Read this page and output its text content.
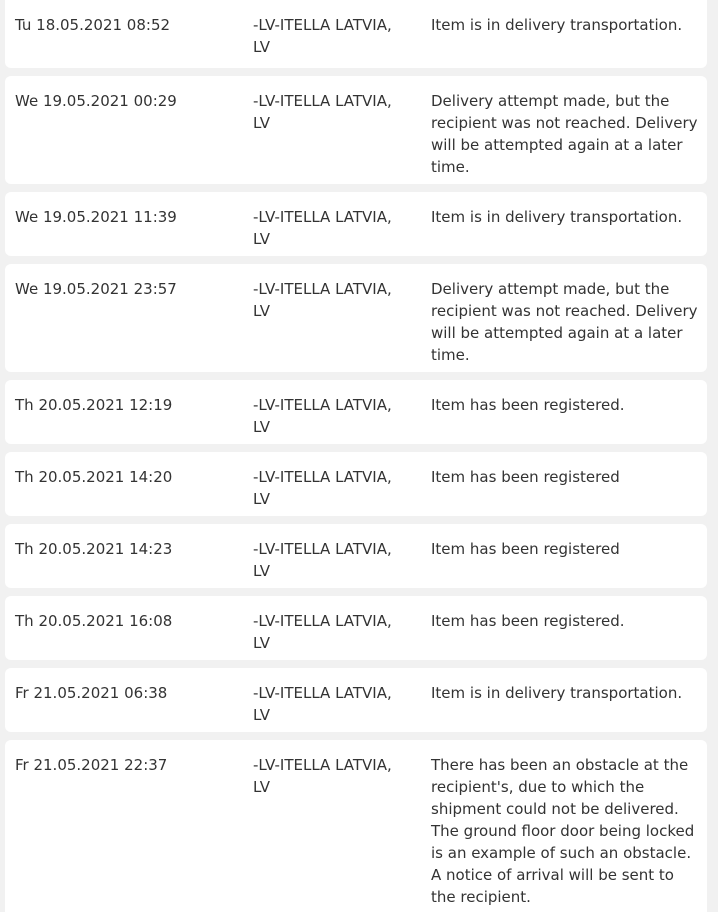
Tu 18.05.2021 08:52	-LV-ITELLA LATVIA, LV
Item is in delivery transportation.
We 19.05.2021 00:29	-LV-ITELLA LATVIA, LV
Delivery attempt made, but the recipient was not reached. Delivery will be attempted again at a later time.
We 19.05.2021 11:39	-LV-ITELLA LATVIA, LV
Item is in delivery transportation.
We 19.05.2021 23:57	-LV-ITELLA LATVIA, LV
Delivery attempt made, but the recipient was not reached. Delivery will be attempted again at a later time.
Th 20.05.2021 12:19	-LV-ITELLA LATVIA, LV
Item has been registered.
Th 20.05.2021 14:20	-LV-ITELLA LATVIA, LV
Item has been registered
Th 20.05.2021 14:23	-LV-ITELLA LATVIA, LV
Item has been registered
Th 20.05.2021 16:08	-LV-ITELLA LATVIA, LV
Item has been registered.
Fr 21.05.2021 06:38	-LV-ITELLA LATVIA, LV
Item is in delivery transportation.
Fr 21.05.2021 22:37	-LV-ITELLA LATVIA, LV
There has been an obstacle at the recipient's, due to which the shipment could not be delivered. The ground floor door being locked is an example of such an obstacle. A notice of arrival will be sent to the recipient.
